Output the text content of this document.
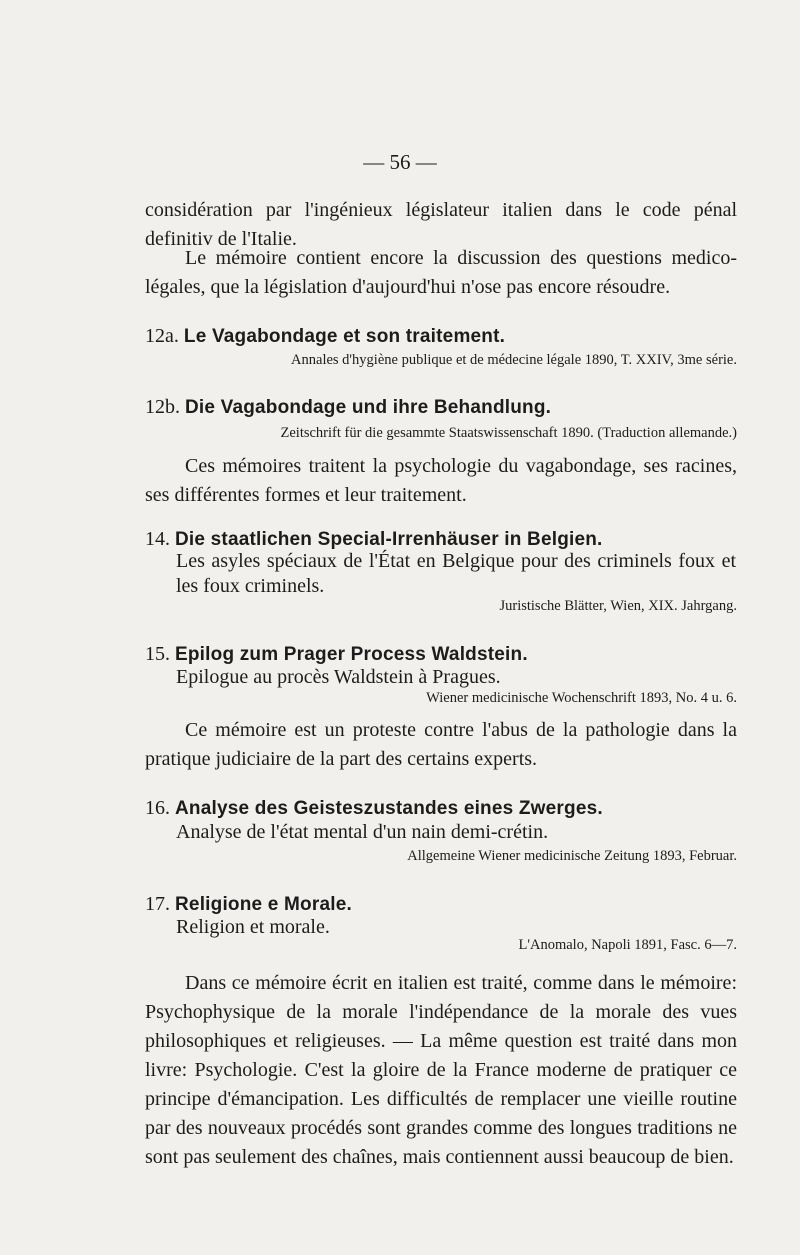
— 56 —

considération par l'ingénieux législateur italien dans le code pénal definitiv de l'Italie.

Le mémoire contient encore la discussion des questions medico-légales, que la législation d'aujourd'hui n'ose pas encore résoudre.

12a. Le Vagabondage et son traitement.
Annales d'hygiène publique et de médecine légale 1890, T. XXIV, 3me série.
12b. Die Vagabondage und ihre Behandlung.
Zeitschrift für die gesammte Staatswissenschaft 1890. (Traduction allemande.)

Ces mémoires traitent la psychologie du vagabondage, ses racines, ses différentes formes et leur traitement.

14. Die staatlichen Special-Irrenhäuser in Belgien.
Les asyles spéciaux de l'État en Belgique pour des criminels foux et les foux criminels.
Juristische Blätter, Wien, XIX. Jahrgang.
15. Epilog zum Prager Process Waldstein.
Epilogue au procès Waldstein à Pragues.
Wiener medicinische Wochenschrift 1893, No. 4 u. 6.

Ce mémoire est un proteste contre l'abus de la pathologie dans la pratique judiciaire de la part des certains experts.

16. Analyse des Geisteszustandes eines Zwerges.
Analyse de l'état mental d'un nain demi-crétin.
Allgemeine Wiener medicinische Zeitung 1893, Februar.
17. Religione e Morale.
Religion et morale.
L'Anomalo, Napoli 1891, Fasc. 6—7.

Dans ce mémoire écrit en italien est traité, comme dans le mémoire: Psychophysique de la morale l'indépendance de la morale des vues philosophiques et religieuses. — La même question est traité dans mon livre: Psychologie. C'est la gloire de la France moderne de pratiquer ce principe d'émancipation. Les difficultés de remplacer une vieille routine par des nouveaux procédés sont grandes comme des longues traditions ne sont pas seulement des chaînes, mais contiennent aussi beaucoup de bien.
